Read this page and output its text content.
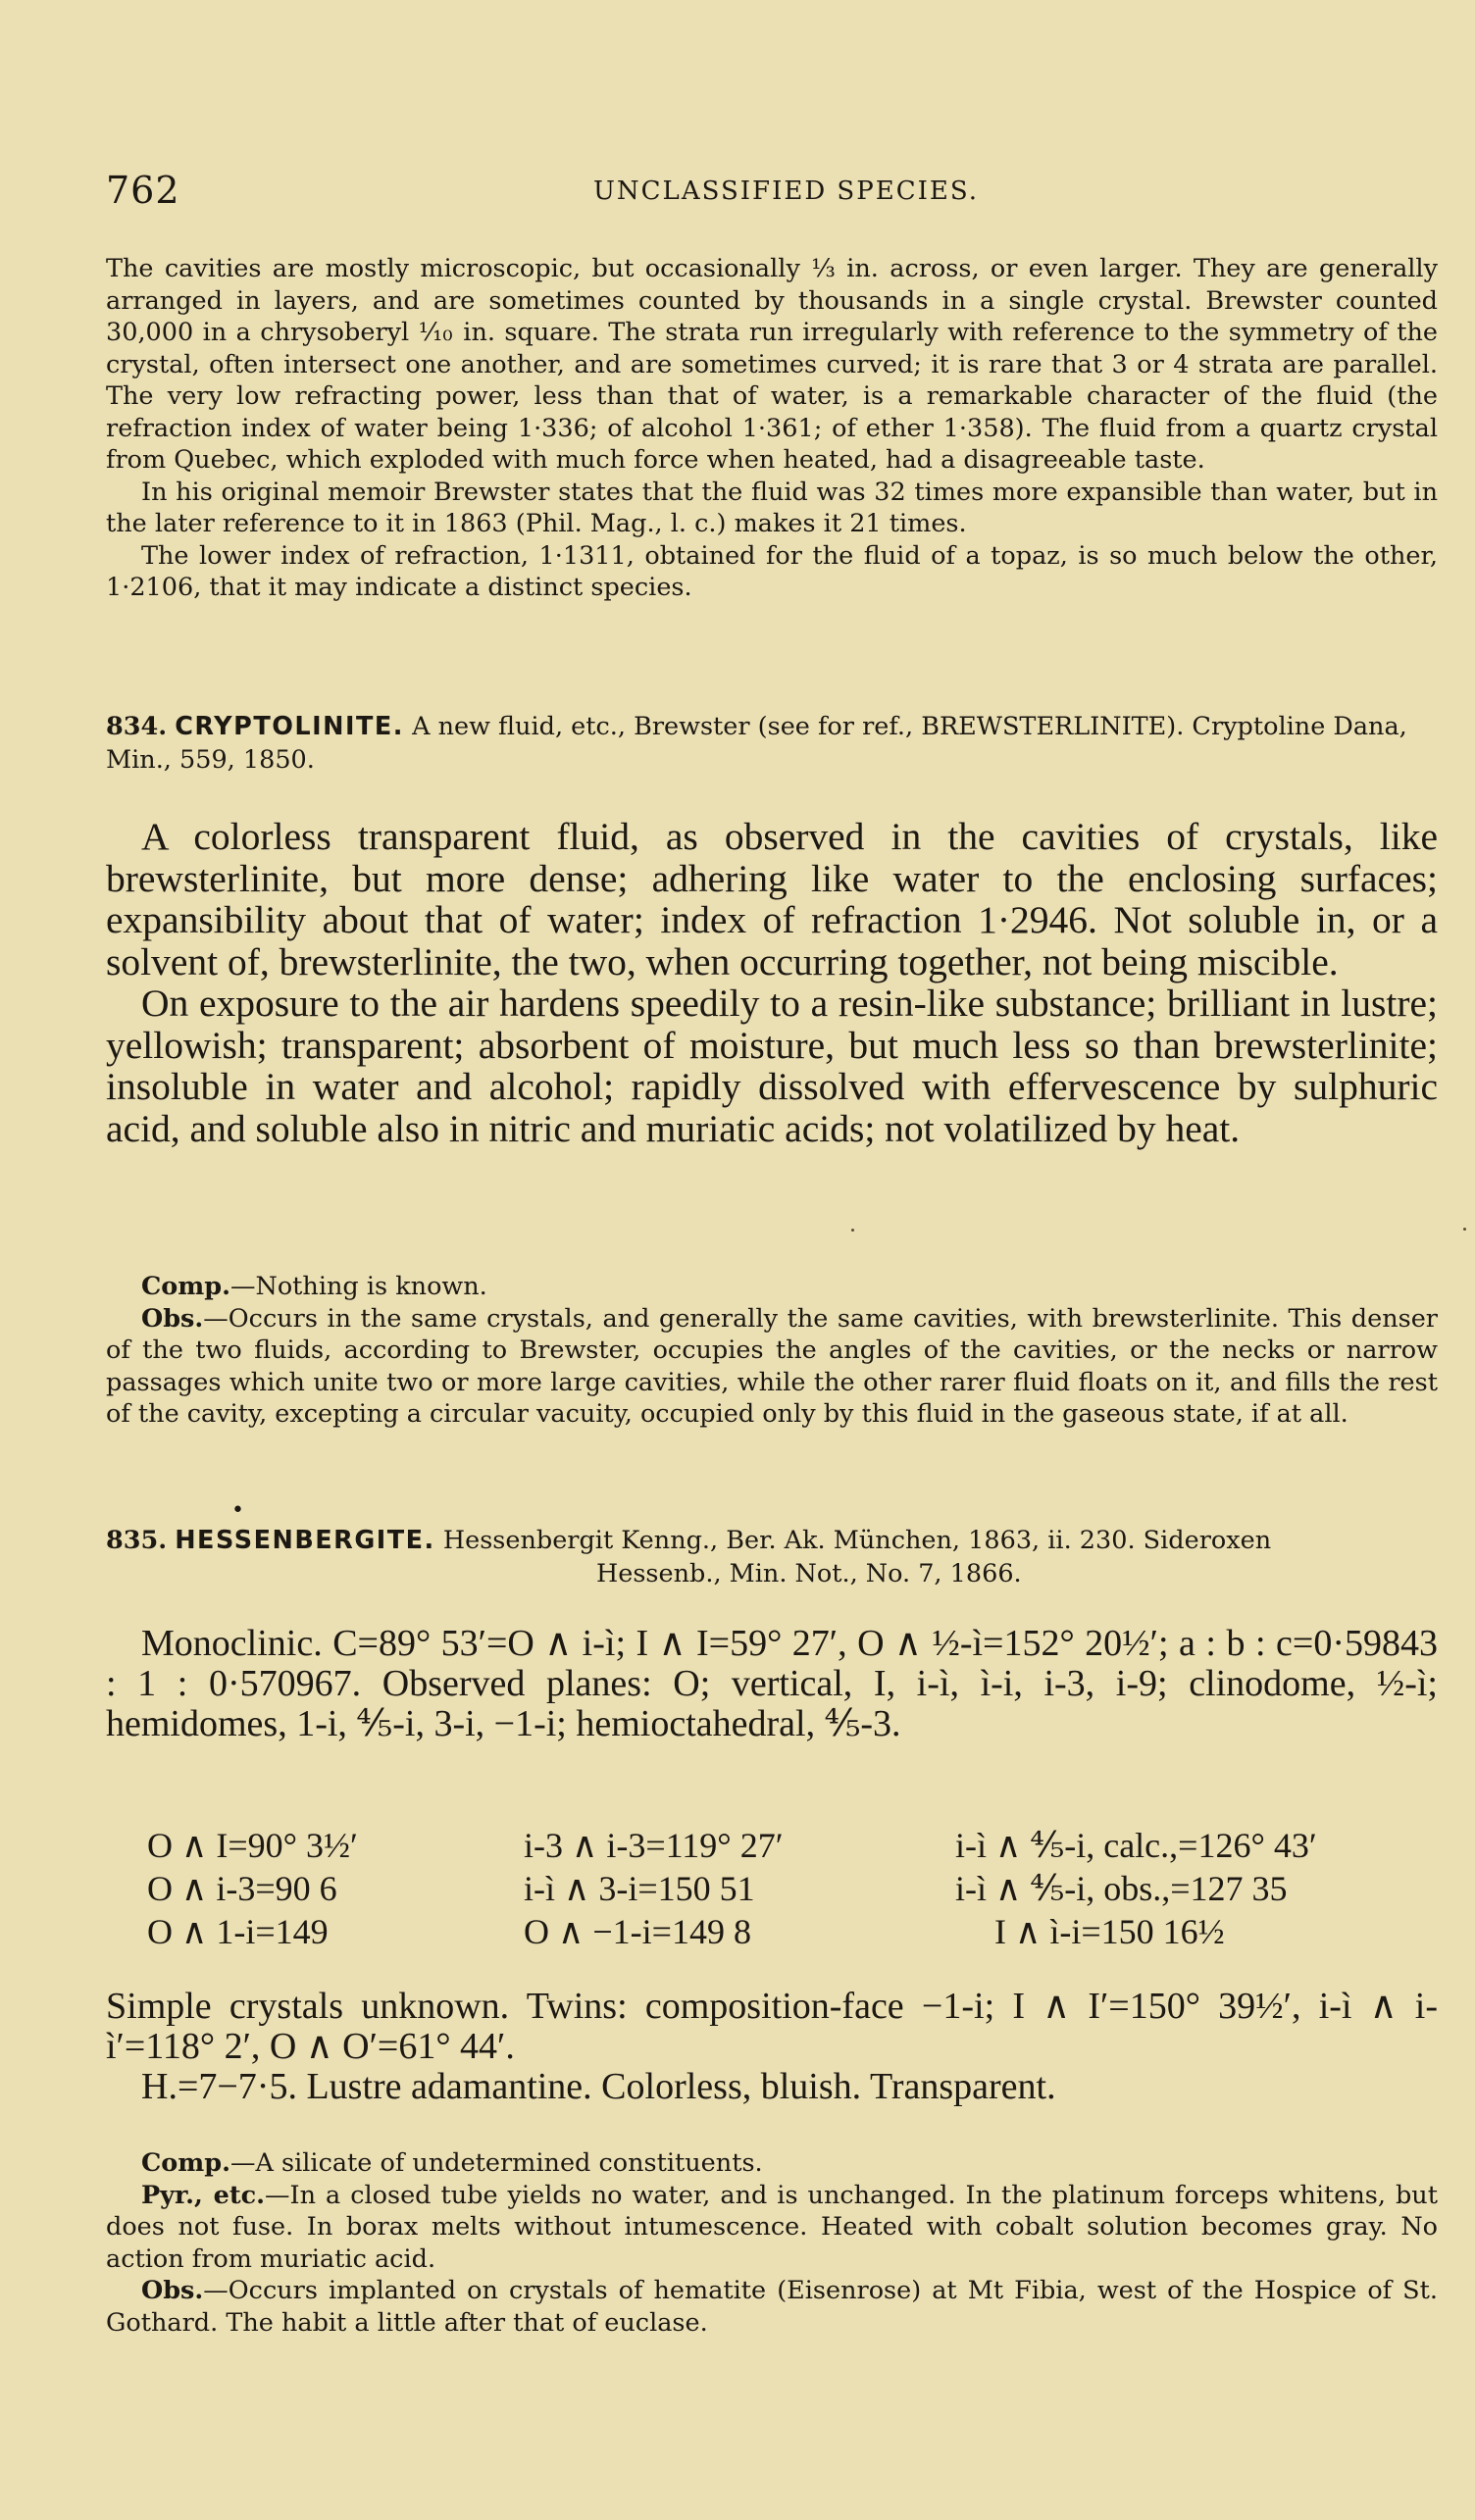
762	UNCLASSIFIED SPECIES.

The cavities are mostly microscopic, but occasionally ⅓ in. across, or even larger. They are generally arranged in layers, and are sometimes counted by thousands in a single crystal. Brewster counted 30,000 in a chrysoberyl ⅒ in. square. The strata run irregularly with reference to the symmetry of the crystal, often intersect one another, and are sometimes curved; it is rare that 3 or 4 strata are parallel. The very low refracting power, less than that of water, is a remarkable character of the fluid (the refraction index of water being 1·336; of alcohol 1·361; of ether 1·358). The fluid from a quartz crystal from Quebec, which exploded with much force when heated, had a disagreeable taste.

In his original memoir Brewster states that the fluid was 32 times more expansible than water, but in the later reference to it in 1863 (Phil. Mag., l. c.) makes it 21 times.

The lower index of refraction, 1·1311, obtained for the fluid of a topaz, is so much below the other, 1·2106, that it may indicate a distinct species.

834. CRYPTOLINITE. A new fluid, etc., Brewster (see for ref., BREWSTERLINITE). Cryptoline Dana, Min., 559, 1850.

A colorless transparent fluid, as observed in the cavities of crystals, like brewsterlinite, but more dense; adhering like water to the enclosing surfaces; expansibility about that of water; index of refraction 1·2946. Not soluble in, or a solvent of, brewsterlinite, the two, when occurring together, not being miscible.

On exposure to the air hardens speedily to a resin-like substance; brilliant in lustre; yellowish; transparent; absorbent of moisture, but much less so than brewsterlinite; insoluble in water and alcohol; rapidly dissolved with effervescence by sulphuric acid, and soluble also in nitric and muriatic acids; not volatilized by heat.

Comp.—Nothing is known.

Obs.—Occurs in the same crystals, and generally the same cavities, with brewsterlinite. This denser of the two fluids, according to Brewster, occupies the angles of the cavities, or the necks or narrow passages which unite two or more large cavities, while the other rarer fluid floats on it, and fills the rest of the cavity, excepting a circular vacuity, occupied only by this fluid in the gaseous state, if at all.

•
835. HESSENBERGITE. Hessenbergit Kenng., Ber. Ak. München, 1863, ii. 230. Sideroxen
Hessenb., Min. Not., No. 7, 1866.

Monoclinic. C=89° 53′=O ∧ i-ì; I ∧ I=59° 27′, O ∧ ½-ì=152° 20½′; a : b : c=0·59843 : 1 : 0·570967. Observed planes: O; vertical, I, i-ì, ì-i, i-3, i-9; clinodome, ½-ì; hemidomes, 1-i, ⅘-i, 3-i, −1-i; hemioctahedral, ⅘-3.

O ∧ I=90° 3½′	i-3 ∧ i-3=119° 27′	i-ì ∧ ⅘-i, calc.,=126° 43′
O ∧ i-3=90 6	i-ì ∧ 3-i=150 51	i-ì ∧ ⅘-i, obs.,=127 35
O ∧ 1-i=149	O ∧ −1-i=149 8	I ∧ ì-i=150 16½

Simple crystals unknown. Twins: composition-face −1-i; I ∧ I′=150° 39½′, i-ì ∧ i-ì′=118° 2′, O ∧ O′=61° 44′.

H.=7−7·5. Lustre adamantine. Colorless, bluish. Transparent.

Comp.—A silicate of undetermined constituents.

Pyr., etc.—In a closed tube yields no water, and is unchanged. In the platinum forceps whitens, but does not fuse. In borax melts without intumescence. Heated with cobalt solution becomes gray. No action from muriatic acid.

Obs.—Occurs implanted on crystals of hematite (Eisenrose) at Mt Fibia, west of the Hospice of St. Gothard. The habit a little after that of euclase.
